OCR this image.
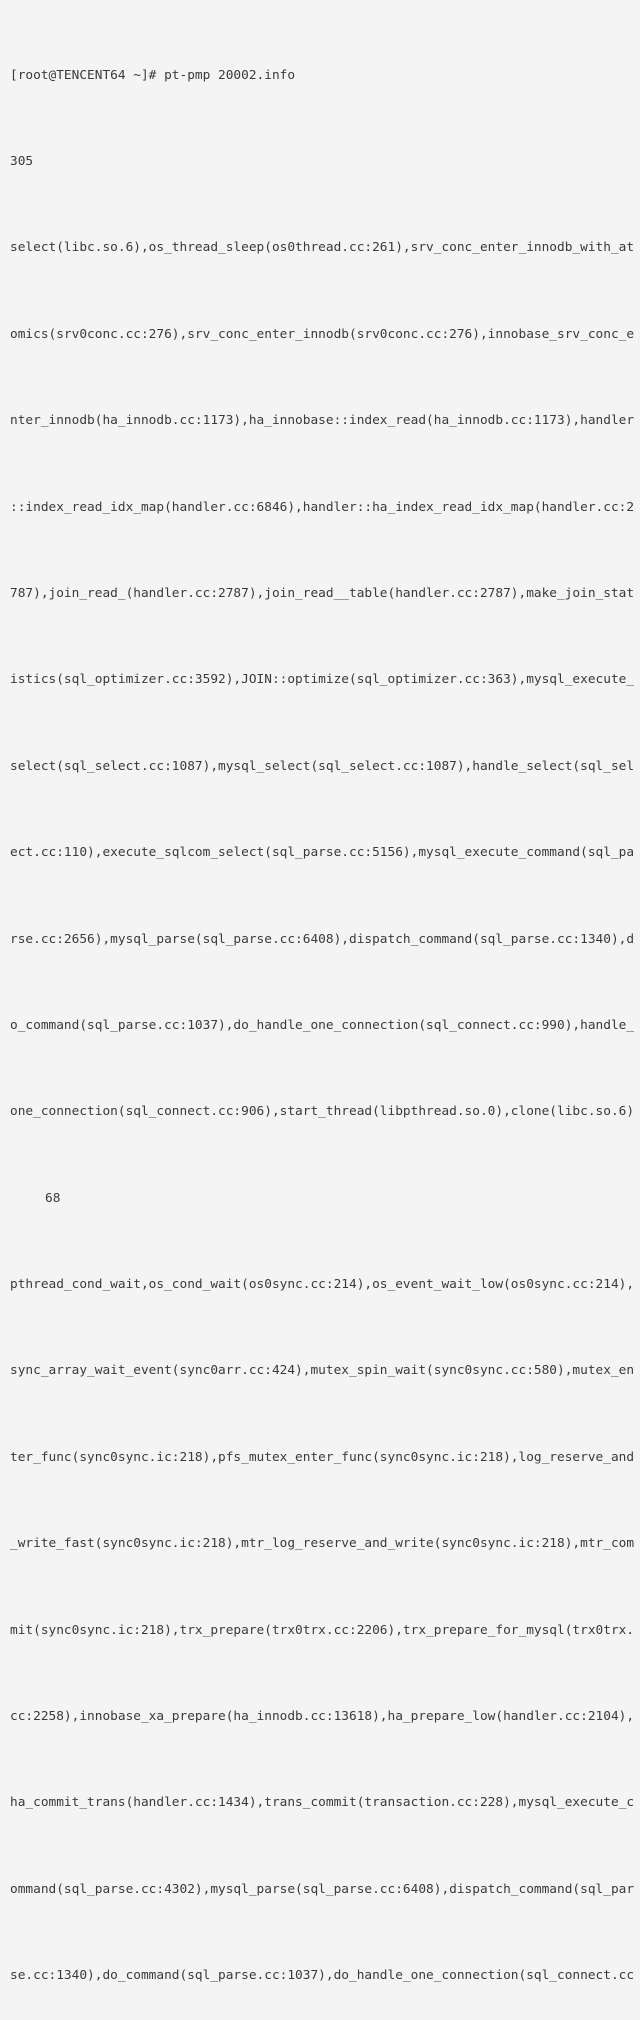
[root@TENCENT64 ~]# pt-pmp 20002.info

305

select(libc.so.6),os_thread_sleep(os0thread.cc:261),srv_conc_enter_innodb_with_at

omics(srv0conc.cc:276),srv_conc_enter_innodb(srv0conc.cc:276),innobase_srv_conc_e

nter_innodb(ha_innodb.cc:1173),ha_innobase::index_read(ha_innodb.cc:1173),handler

::index_read_idx_map(handler.cc:6846),handler::ha_index_read_idx_map(handler.cc:2

787),join_read_(handler.cc:2787),join_read__table(handler.cc:2787),make_join_stat

istics(sql_optimizer.cc:3592),JOIN::optimize(sql_optimizer.cc:363),mysql_execute_

select(sql_select.cc:1087),mysql_select(sql_select.cc:1087),handle_select(sql_sel

ect.cc:110),execute_sqlcom_select(sql_parse.cc:5156),mysql_execute_command(sql_pa

rse.cc:2656),mysql_parse(sql_parse.cc:6408),dispatch_command(sql_parse.cc:1340),d

o_command(sql_parse.cc:1037),do_handle_one_connection(sql_connect.cc:990),handle_

one_connection(sql_connect.cc:906),start_thread(libpthread.so.0),clone(libc.so.6)

68

pthread_cond_wait,os_cond_wait(os0sync.cc:214),os_event_wait_low(os0sync.cc:214),

sync_array_wait_event(sync0arr.cc:424),mutex_spin_wait(sync0sync.cc:580),mutex_en

ter_func(sync0sync.ic:218),pfs_mutex_enter_func(sync0sync.ic:218),log_reserve_and

_write_fast(sync0sync.ic:218),mtr_log_reserve_and_write(sync0sync.ic:218),mtr_com

mit(sync0sync.ic:218),trx_prepare(trx0trx.cc:2206),trx_prepare_for_mysql(trx0trx.

cc:2258),innobase_xa_prepare(ha_innodb.cc:13618),ha_prepare_low(handler.cc:2104),

ha_commit_trans(handler.cc:1434),trans_commit(transaction.cc:228),mysql_execute_c

ommand(sql_parse.cc:4302),mysql_parse(sql_parse.cc:6408),dispatch_command(sql_par

se.cc:1340),do_command(sql_parse.cc:1037),do_handle_one_connection(sql_connect.cc
